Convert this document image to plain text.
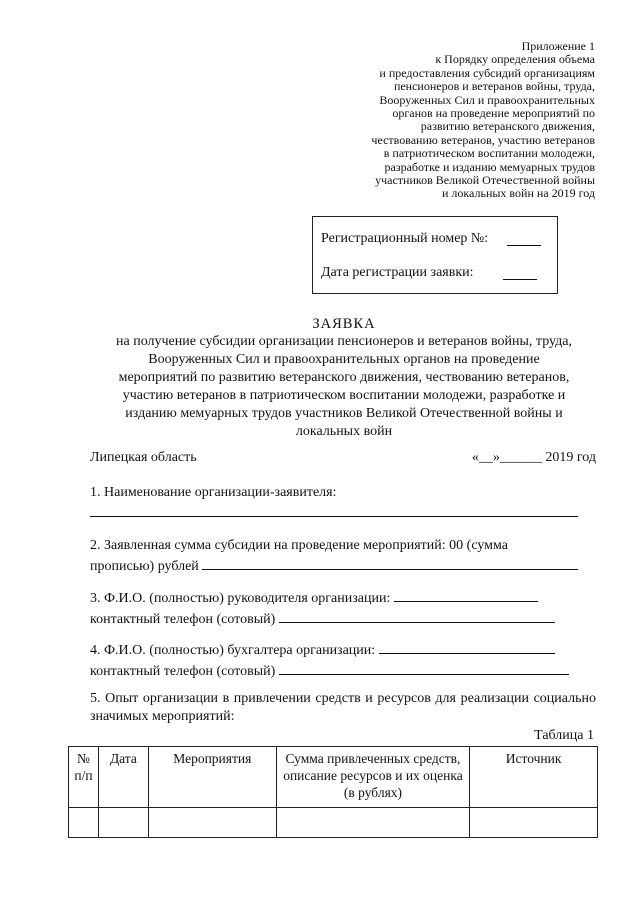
Приложение 1
к Порядку определения объема
и предоставления субсидий организациям
пенсионеров и ветеранов войны, труда,
Вооруженных Сил и правоохранительных
органов на проведение мероприятий по
развитию ветеранского движения,
чествованию ветеранов, участию ветеранов
в патриотическом воспитании молодежи,
разработке и изданию мемуарных трудов
участников Великой Отечественной войны
и локальных войн на 2019 год
Регистрационный номер №:
Дата регистрации заявки:
ЗАЯВКА
на получение субсидии организации пенсионеров и ветеранов войны, труда,
Вооруженных Сил и правоохранительных органов на проведение
мероприятий по развитию ветеранского движения, чествованию ветеранов,
участию ветеранов в патриотическом воспитании молодежи, разработке и
изданию мемуарных трудов участников Великой Отечественной войны и
локальных войн
Липецкая область	«__»______ 2019 год
1. Наименование организации-заявителя:
2. Заявленная сумма субсидии на проведение мероприятий: 00 (сумма
прописью) рублей
3. Ф.И.О. (полностью) руководителя организации:
контактный телефон (сотовый)
4. Ф.И.О. (полностью) бухгалтера организации:
контактный телефон (сотовый)
5. Опыт организации в привлечении средств и ресурсов для реализации социально значимых мероприятий:
Таблица 1
№ п/п	Дата	Мероприятия	Сумма привлеченных средств, описание ресурсов и их оценка (в рублях)	Источник
